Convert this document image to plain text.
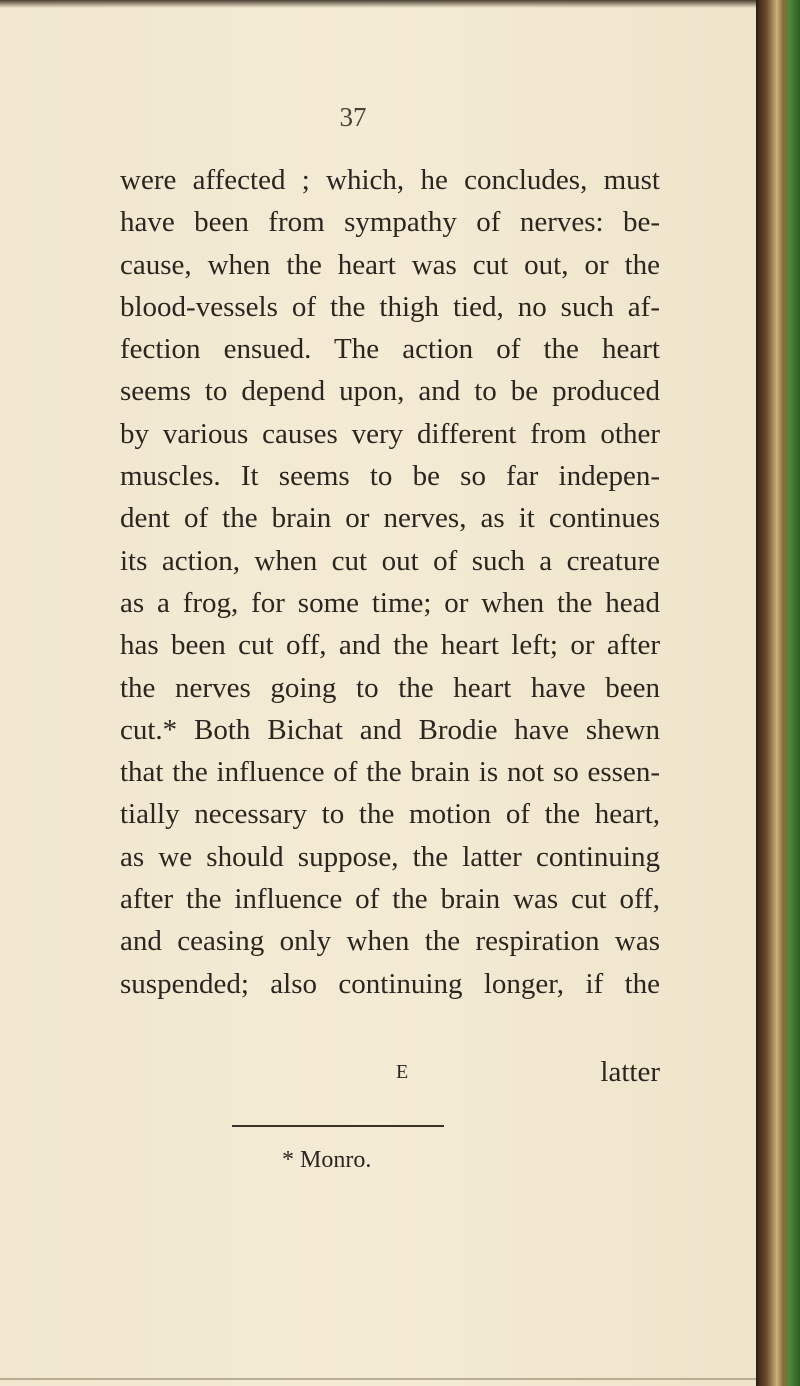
37
were affected ; which, he concludes, must
have been from sympathy of nerves: be-
cause, when the heart was cut out, or the
blood-vessels of the thigh tied, no such af-
fection ensued. The action of the heart
seems to depend upon, and to be produced
by various causes very different from other
muscles. It seems to be so far indepen-
dent of the brain or nerves, as it continues
its action, when cut out of such a creature
as a frog, for some time; or when the head
has been cut off, and the heart left; or after
the nerves going to the heart have been
cut.* Both Bichat and Brodie have shewn
that the influence of the brain is not so essen-
tially necessary to the motion of the heart,
as we should suppose, the latter continuing
after the influence of the brain was cut off,
and ceasing only when the respiration was
suspended; also continuing longer, if the
E	latter
* Monro.
